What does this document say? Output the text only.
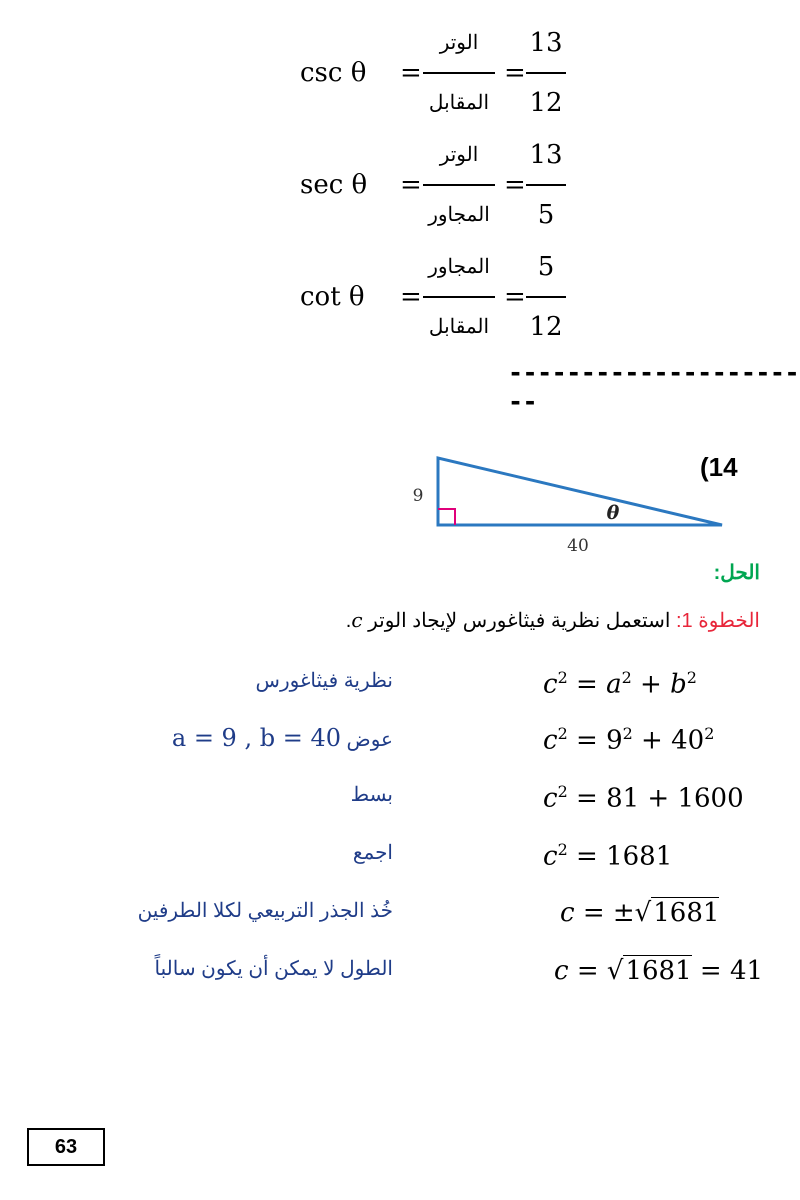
csc θ =
الوتر
المقابل
=
13
12
sec θ =
الوتر
المجاور
=
13
5
cot θ =
المجاور
المقابل
=
5
12
----------------------
(14
9
40
θ
الحل:
الخطوة 1: استعمل نظرية فيثاغورس لإيجاد الوتر c.
نظرية فيثاغورس	$c^2 = a^2 + b^2$
عوض a = 9 , b = 40	$c^2 = 9^2 + 40^2$
بسط	$c^2 = 81 + 1600$
اجمع	$c^2 = 1681$
خُذ الجذر التربيعي لكلا الطرفين	c = ±√1681
الطول لا يمكن أن يكون سالباً	c = √1681 = 41
63
